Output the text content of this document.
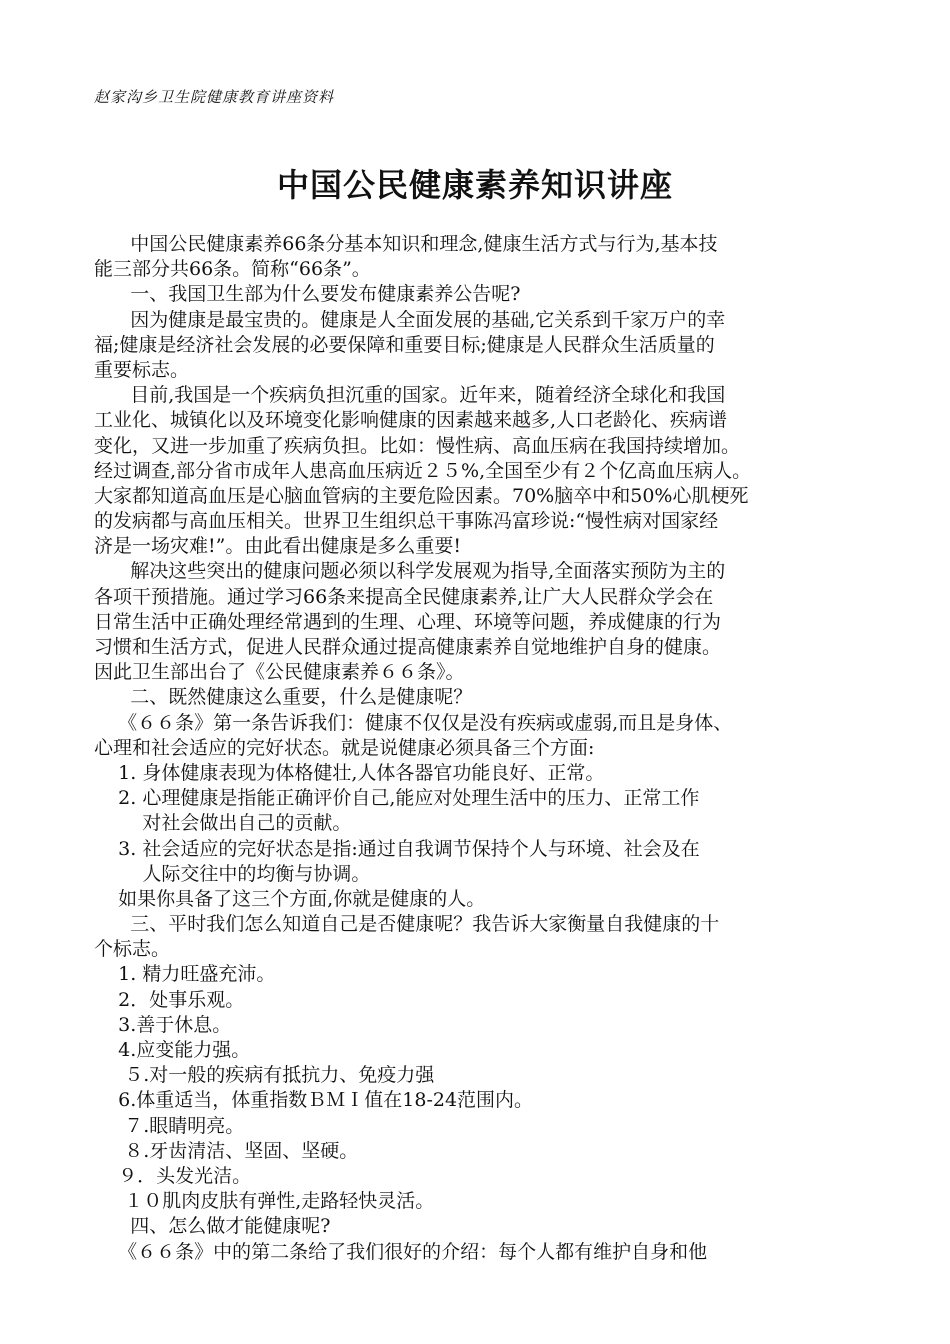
赵家沟乡卫生院健康教育讲座资料
中国公民健康素养知识讲座
中国公民健康素养66条分基本知识和理念,健康生活方式与行为,基本技
能三部分共66条。简称“66条”。
一、我国卫生部为什么要发布健康素养公告呢?
因为健康是最宝贵的。健康是人全面发展的基础,它关系到千家万户的幸
福;健康是经济社会发展的必要保障和重要目标;健康是人民群众生活质量的
重要标志。
目前,我国是一个疾病负担沉重的国家。近年来，随着经济全球化和我国
工业化、城镇化以及环境变化影响健康的因素越来越多,人口老龄化、疾病谱
变化，又进一步加重了疾病负担。比如：慢性病、高血压病在我国持续增加。
经过调查,部分省市成年人患高血压病近２５%,全国至少有２个亿高血压病人。
大家都知道高血压是心脑血管病的主要危险因素。70%脑卒中和50%心肌梗死
的发病都与高血压相关。世界卫生组织总干事陈冯富珍说:“慢性病对国家经
济是一场灾难!”。由此看出健康是多么重要!
解决这些突出的健康问题必须以科学发展观为指导,全面落实预防为主的
各项干预措施。通过学习66条来提高全民健康素养,让广大人民群众学会在
日常生活中正确处理经常遇到的生理、心理、环境等问题，养成健康的行为
习惯和生活方式，促进人民群众通过提高健康素养自觉地维护自身的健康。
因此卫生部出台了《公民健康素养６６条》。
二、既然健康这么重要，什么是健康呢？
《６６条》第一条告诉我们：健康不仅仅是没有疾病或虚弱,而且是身体、
心理和社会适应的完好状态。就是说健康必须具备三个方面:
1. 身体健康表现为体格健壮,人体各器官功能良好、正常。
2. 心理健康是指能正确评价自己,能应对处理生活中的压力、正常工作
对社会做出自己的贡献。
3. 社会适应的完好状态是指:通过自我调节保持个人与环境、社会及在
人际交往中的均衡与协调。
如果你具备了这三个方面,你就是健康的人。
三、平时我们怎么知道自己是否健康呢？我告诉大家衡量自我健康的十
个标志。
1. 精力旺盛充沛。
2．处事乐观。
3.善于休息。
4.应变能力强。
５.对一般的疾病有抵抗力、免疫力强
6.体重适当，体重指数ＢＭＩ值在18-24范围内。
７.眼睛明亮。
８.牙齿清洁、坚固、坚硬。
９．头发光洁。
１０肌肉皮肤有弹性,走路轻快灵活。
四、怎么做才能健康呢?
《６６条》中的第二条给了我们很好的介绍：每个人都有维护自身和他
